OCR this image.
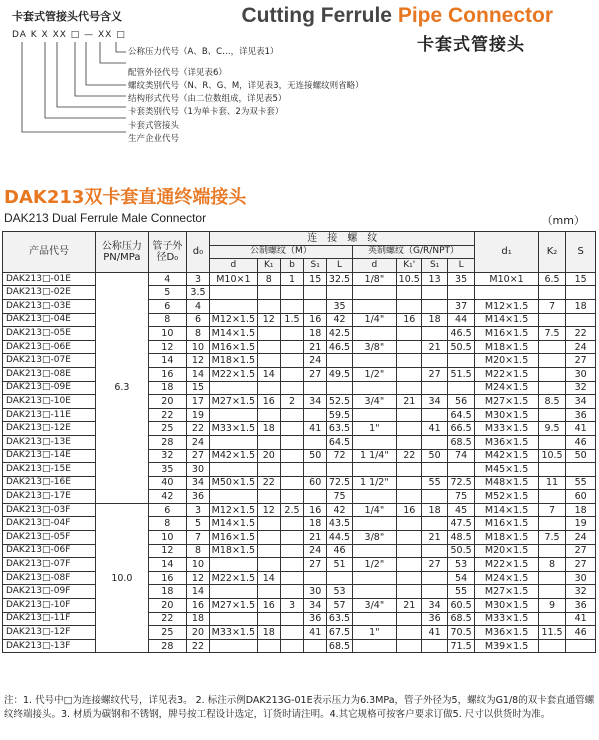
卡套式管接头代号含义
DA K X XX □ — XX □
公称压力代号（A、B、C…，详见表1）
配管外径代号（详见表6）
螺纹类别代号（N、R、G、M，详见表3，无连接螺纹则省略）
结构形式代号（由二位数组成，详见表5）
卡套类别代号（1为单卡套、2为双卡套）
卡套式管接头
生产企业代号
Cutting Ferrule Pipe Connector
卡套式管接头
DAK213双卡套直通终端接头
DAK213 Dual Ferrule Male Connector	（mm）
产品代号	公称压力 PN/MPa	管子外径D₀	d₀	连　接　螺　纹									d₁	K₂	S
				公制螺纹（M）					英制螺纹（G/R/NPT）						
				d	K₁	b	S₁	L	d	K₁'	S₁	L			
DAK213□-01E	6.3	4	3	M10×1	8	1	15	32.5	1/8"	10.5	13	35	M10×1	6.5	15
DAK213□-02E		5	3.5												
DAK213□-03E		6	4					35				37	M12×1.5	7	18
DAK213□-04E		8	6	M12×1.5	12	1.5	16	42	1/4"	16	18	44	M14×1.5		
DAK213□-05E		10	8	M14×1.5			18	42.5				46.5	M16×1.5	7.5	22
DAK213□-06E		12	10	M16×1.5			21	46.5	3/8"		21	50.5	M18×1.5		24
DAK213□-07E		14	12	M18×1.5			24						M20×1.5		27
DAK213□-08E		16	14	M22×1.5	14		27	49.5	1/2"		27	51.5	M22×1.5		30
DAK213□-09E		18	15										M24×1.5		32
DAK213□-10E		20	17	M27×1.5	16	2	34	52.5	3/4"	21	34	56	M27×1.5	8.5	34
DAK213□-11E		22	19					59.5				64.5	M30×1.5		36
DAK213□-12E		25	22	M33×1.5	18		41	63.5	1"		41	66.5	M33×1.5	9.5	41
DAK213□-13E		28	24					64.5				68.5	M36×1.5		46
DAK213□-14E		32	27	M42×1.5	20		50	72	1 1/4"	22	50	74	M42×1.5	10.5	50
DAK213□-15E		35	30										M45×1.5		
DAK213□-16E		40	34	M50×1.5	22		60	72.5	1 1/2"		55	72.5	M48×1.5	11	55
DAK213□-17E		42	36					75				75	M52×1.5		60
DAK213□-03F	10.0	6	3	M12×1.5	12	2.5	16	42	1/4"	16	18	45	M14×1.5	7	18
DAK213□-04F		8	5	M14×1.5			18	43.5				47.5	M16×1.5		19
DAK213□-05F		10	7	M16×1.5			21	44.5	3/8"		21	48.5	M18×1.5	7.5	24
DAK213□-06F		12	8	M18×1.5			24	46				50.5	M20×1.5		27
DAK213□-07F		14	10				27	51	1/2"		27	53	M22×1.5	8	27
DAK213□-08F		16	12	M22×1.5	14							54	M24×1.5		30
DAK213□-09F		18	14				30	53				55	M27×1.5		32
DAK213□-10F		20	16	M27×1.5	16	3	34	57	3/4"	21	34	60.5	M30×1.5	9	36
DAK213□-11F		22	18				36	63.5			36	68.5	M33×1.5		41
DAK213□-12F		25	20	M33×1.5	18		41	67.5	1"		41	70.5	M36×1.5	11.5	46
DAK213□-13F		28	22					68.5				71.5	M39×1.5		
注：1. 代号中□为连接螺纹代号，详见表3。 2. 标注示例DAK213G-01E表示压力为6.3MPa，管子外径为5，螺纹为G1/8的双卡套直通管螺纹终端接头。3. 材质为碳钢和不锈钢，牌号按工程设计选定，订货时请注明。4.其它规格可按客户要求订做5. 尺寸以供货时为准。
